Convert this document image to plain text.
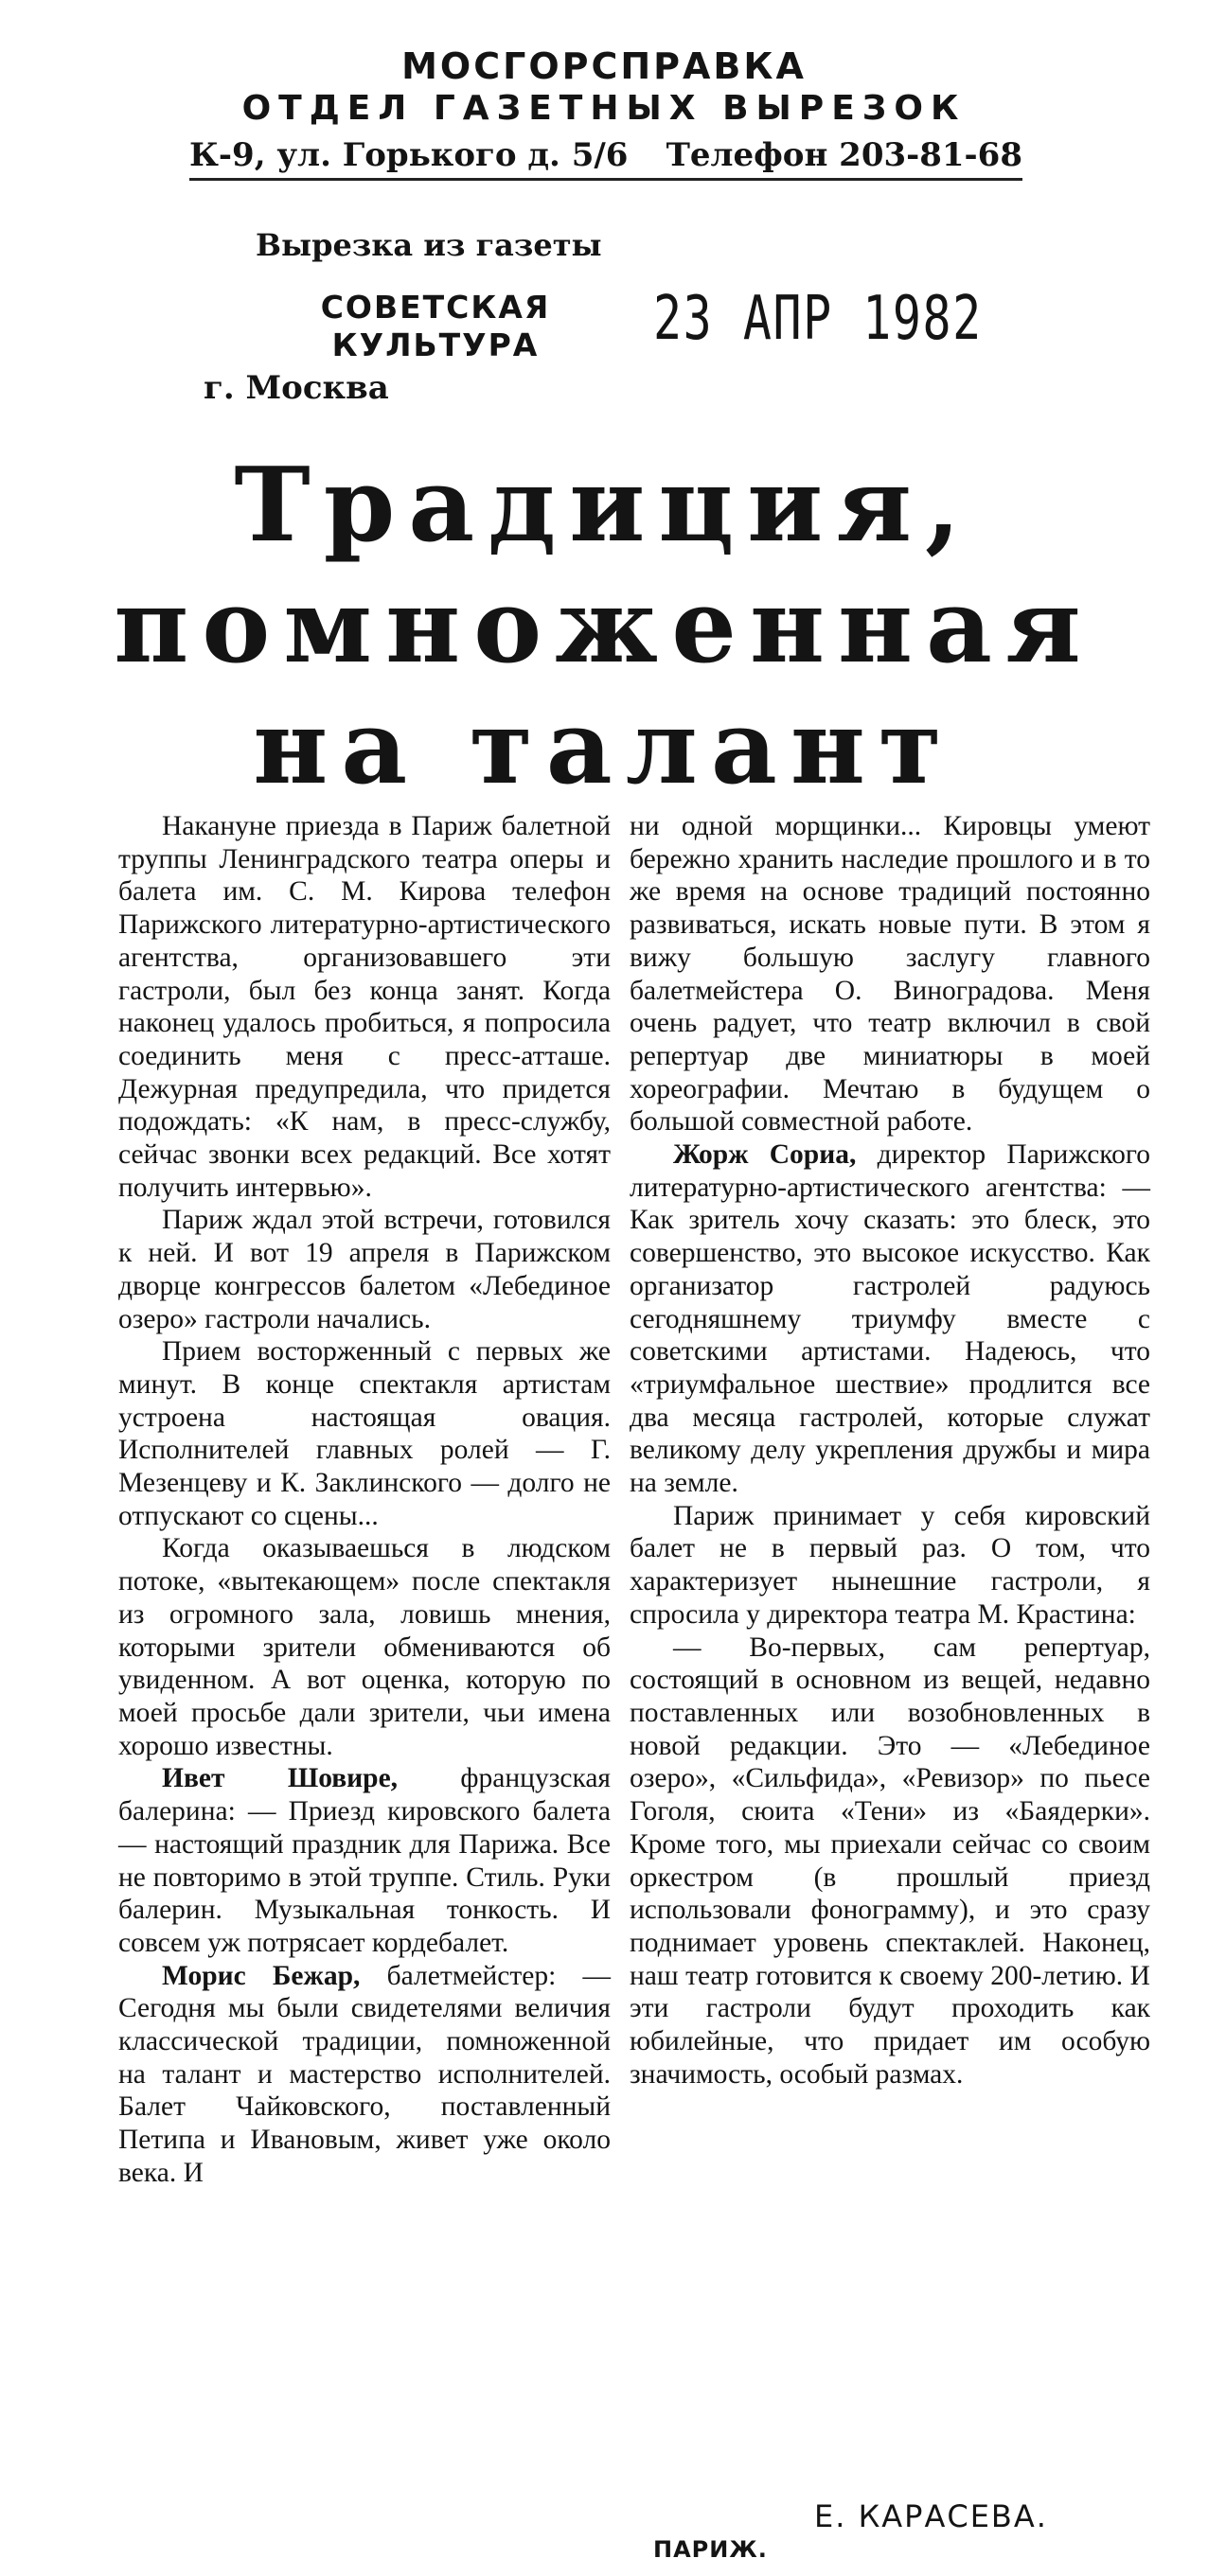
МОСГОРСПРАВКА
ОТДЕЛ ГАЗЕТНЫХ ВЫРЕЗОК
К-9, ул. Горького д. 5/6 Телефон 203-81-68
Вырезка из газеты
СОВЕТСКАЯ
КУЛЬТУРА	23 АПР 1982
г. Москва
Традиция,
помноженная
на талант

Накануне приезда в Париж балетной труппы Ленинградского театра оперы и балета им. С. М. Кирова телефон Парижского литературно-артистического агентства, организовавшего эти гастроли, был без конца занят. Когда наконец удалось пробиться, я попросила соединить меня с пресс-атташе. Дежурная предупредила, что придется подождать: «К нам, в пресс-службу, сейчас звонки всех редакций. Все хотят получить интервью».

Париж ждал этой встречи, готовился к ней. И вот 19 апреля в Парижском дворце конгрессов балетом «Лебединое озеро» гастроли начались.

Прием восторженный с первых же минут. В конце спектакля артистам устроена настоящая овация. Исполнителей главных ролей — Г. Мезенцеву и К. Заклинского — долго не отпускают со сцены...

Когда оказываешься в людском потоке, «вытекающем» после спектакля из огромного зала, ловишь мнения, которыми зрители обмениваются об увиденном. А вот оценка, которую по моей просьбе дали зрители, чьи имена хорошо известны.

Ивет Шовире, французская балерина: — Приезд кировского балета — настоящий праздник для Парижа. Все не повторимо в этой труппе. Стиль. Руки балерин. Музыкальная тонкость. И совсем уж потрясает кордебалет.

Морис Бежар, балетмейстер: — Сегодня мы были свидетелями величия классической традиции, помноженной на талант и мастерство исполнителей. Балет Чайковского, поставленный Петипа и Ивановым, живет уже около века. И

ни одной морщинки... Кировцы умеют бережно хранить наследие прошлого и в то же время на основе традиций постоянно развиваться, искать новые пути. В этом я вижу большую заслугу главного балетмейстера О. Виноградова. Меня очень радует, что театр включил в свой репертуар две миниатюры в моей хореографии. Мечтаю в будущем о большой совместной работе.

Жорж Сориа, директор Парижского литературно-артистического агентства: — Как зритель хочу сказать: это блеск, это совершенство, это высокое искусство. Как организатор гастролей радуюсь сегодняшнему триумфу вместе с советскими артистами. Надеюсь, что «триумфальное шествие» продлится все два месяца гастролей, которые служат великому делу укрепления дружбы и мира на земле.

Париж принимает у себя кировский балет не в первый раз. О том, что характеризует нынешние гастроли, я спросила у директора театра М. Крастина:

— Во-первых, сам репертуар, состоящий в основном из вещей, недавно поставленных или возобновленных в новой редакции. Это — «Лебединое озеро», «Сильфида», «Ревизор» по пьесе Гоголя, сюита «Тени» из «Баядерки». Кроме того, мы приехали сейчас со своим оркестром (в прошлый приезд использовали фонограмму), и это сразу поднимает уровень спектаклей. Наконец, наш театр готовится к своему 200-летию. И эти гастроли будут проходить как юбилейные, что придает им особую значимость, особый размах.

Е. КАРАСЕВА.
ПАРИЖ.
